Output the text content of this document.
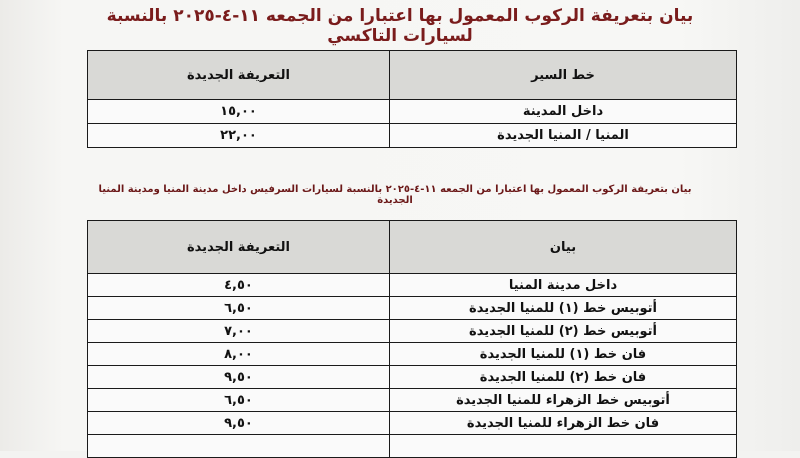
بيان بتعريفة الركوب المعمول بها اعتبارا من الجمعه ١١-٤-٢٠٢٥ بالنسبة لسيارات التاكسي
خط السير	التعريفة الجديدة
داخل المدينة	١٥,٠٠
المنيا / المنيا الجديدة	٢٢,٠٠
بيان بتعريفة الركوب المعمول بها اعتبارا من الجمعه ١١-٤-٢٠٢٥ بالنسبة لسيارات السرفيس داخل مدينة المنيا ومدينة المنيا الجديدة
بيان	التعريفة الجديدة
داخل مدينة المنيا	٤,٥٠
أتوبيس خط (١) للمنيا الجديدة	٦,٥٠
أتوبيس خط (٢) للمنيا الجديدة	٧,٠٠
فان خط (١) للمنيا الجديدة	٨,٠٠
فان خط (٢) للمنيا الجديدة	٩,٥٠
أتوبيس خط الزهراء للمنيا الجديدة	٦,٥٠
فان خط الزهراء للمنيا الجديدة	٩,٥٠
